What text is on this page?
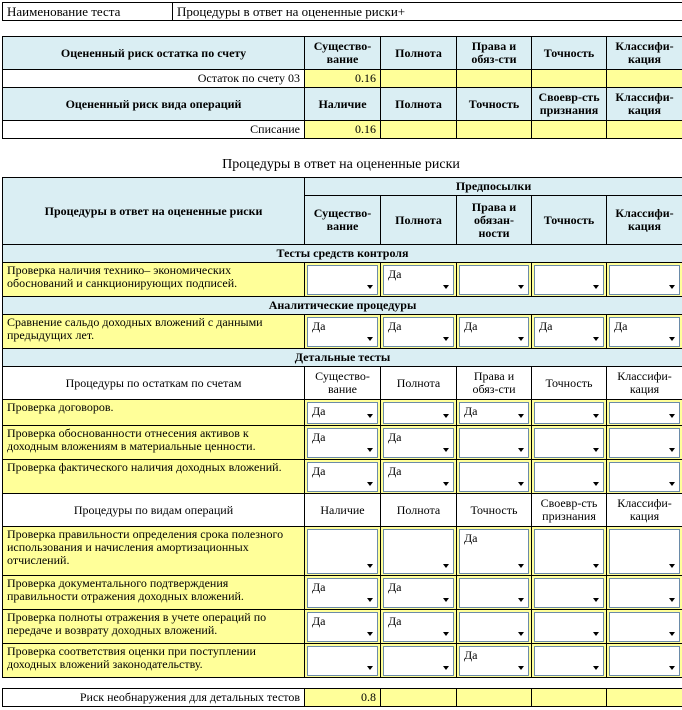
Наименование теста	Процедуры в ответ на оцененные риски+
Оцененный риск остатка по счету	Существо-вание	Полнота	Права и обяз-сти	Точность	Классифи-кация
Остаток по счету 03	0.16				
Оцененный риск вида операций	Наличие	Полнота	Точность	Своевр-сть признания	Классифи-кация
Списание	0.16				
Процедуры в ответ на оцененные риски
Процедуры в ответ на оцененные риски	Предпосылки				
	Существо-вание	Полнота	Права и обязан-ности	Точность	Классифи-кация
Тесты средств контроля					
Проверка наличия технико– экономических обоснований и санкционирующих подписей.		Да			

Аналитические процедуры					
Сравнение сальдо доходных вложений с данными предыдущих лет.	Да	Да	Да	Да	Да

Детальные тесты					
Процедуры по остаткам по счетам	Существо-вание	Полнота	Права и обяз-сти	Точность	Классифи-кация
Проверка договоров.	Да		Да		

Проверка обоснованности отнесения активов к доходным вложениям в материальные ценности.	Да	Да			

Проверка фактического наличия доходных вложений.	Да	Да			

Процедуры по видам операций	Наличие	Полнота	Точность	Своевр-сть признания	Классифи-кация
Проверка правильности определения срока полезного использования и начисления амортизационных отчислений.			Да		

Проверка документального подтверждения правильности отражения доходных вложений.	Да	Да			

Проверка полноты отражения в учете операций по передаче и возврату доходных вложений.	Да	Да			

Проверка соответствия оценки при поступлении доходных вложений законодательству.			Да		

Риск необнаружения для детальных тестов	0.8				
